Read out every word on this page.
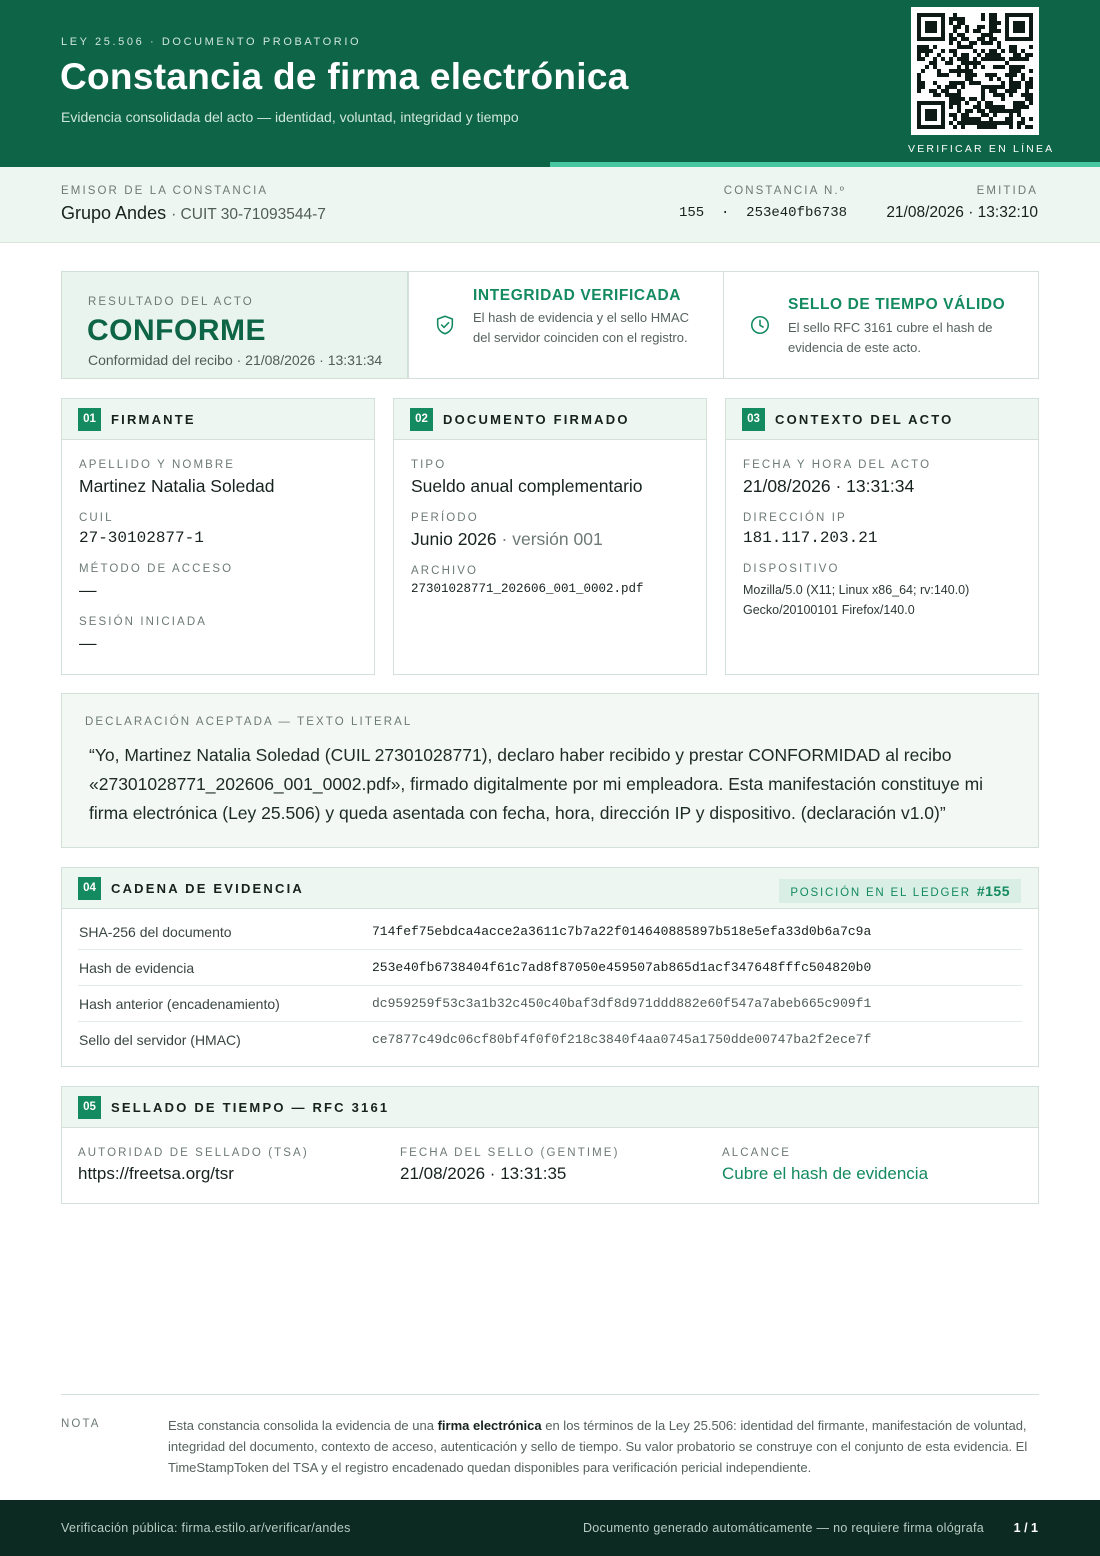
LEY 25.506 · DOCUMENTO PROBATORIO
Constancia de firma electrónica
Evidencia consolidada del acto — identidad, voluntad, integridad y tiempo
VERIFICAR EN LÍNEA
EMISOR DE LA CONSTANCIA
Grupo Andes · CUIT 30-71093544-7
CONSTANCIA N.º
155  ·  253e40fb6738
EMITIDA
21/08/2026 · 13:32:10
RESULTADO DEL ACTO
CONFORME
Conformidad del recibo · 21/08/2026 · 13:31:34
INTEGRIDAD VERIFICADA
El hash de evidencia y el sello HMAC del servidor coinciden con el registro.
SELLO DE TIEMPO VÁLIDO
El sello RFC 3161 cubre el hash de evidencia de este acto.
01	FIRMANTE
APELLIDO Y NOMBRE
Martinez Natalia Soledad
CUIL
27-30102877-1
MÉTODO DE ACCESO
—
SESIÓN INICIADA
—
02	DOCUMENTO FIRMADO
TIPO
Sueldo anual complementario
PERÍODO
Junio 2026 · versión 001
ARCHIVO
27301028771_202606_001_0002.pdf
03	CONTEXTO DEL ACTO
FECHA Y HORA DEL ACTO
21/08/2026 · 13:31:34
DIRECCIÓN IP
181.117.203.21
DISPOSITIVO
Mozilla/5.0 (X11; Linux x86_64; rv:140.0) Gecko/20100101 Firefox/140.0
DECLARACIÓN ACEPTADA — TEXTO LITERAL
“Yo, Martinez Natalia Soledad (CUIL 27301028771), declaro haber recibido y prestar CONFORMIDAD al recibo «27301028771_202606_001_0002.pdf», firmado digitalmente por mi empleadora. Esta manifestación constituye mi firma electrónica (Ley 25.506) y queda asentada con fecha, hora, dirección IP y dispositivo. (declaración v1.0)”
04	CADENA DE EVIDENCIA	POSICIÓN EN EL LEDGER #155
SHA-256 del documento	714fef75ebdca4acce2a3611c7b7a22f014640885897b518e5efa33d0b6a7c9a
Hash de evidencia	253e40fb6738404f61c7ad8f87050e459507ab865d1acf347648fffc504820b0
Hash anterior (encadenamiento)	dc959259f53c3a1b32c450c40baf3df8d971ddd882e60f547a7abeb665c909f1
Sello del servidor (HMAC)	ce7877c49dc06cf80bf4f0f0f218c3840f4aa0745a1750dde00747ba2f2ece7f
05	SELLADO DE TIEMPO — RFC 3161
AUTORIDAD DE SELLADO (TSA)
https://freetsa.org/tsr
FECHA DEL SELLO (GENTIME)
21/08/2026 · 13:31:35
ALCANCE
Cubre el hash de evidencia
NOTA	Esta constancia consolida la evidencia de una firma electrónica en los términos de la Ley 25.506: identidad del firmante, manifestación de voluntad, integridad del documento, contexto de acceso, autenticación y sello de tiempo. Su valor probatorio se construye con el conjunto de esta evidencia. El TimeStampToken del TSA y el registro encadenado quedan disponibles para verificación pericial independiente.
Verificación pública: firma.estilo.ar/verificar/andes	Documento generado automáticamente — no requiere firma ológrafa 1 / 1
